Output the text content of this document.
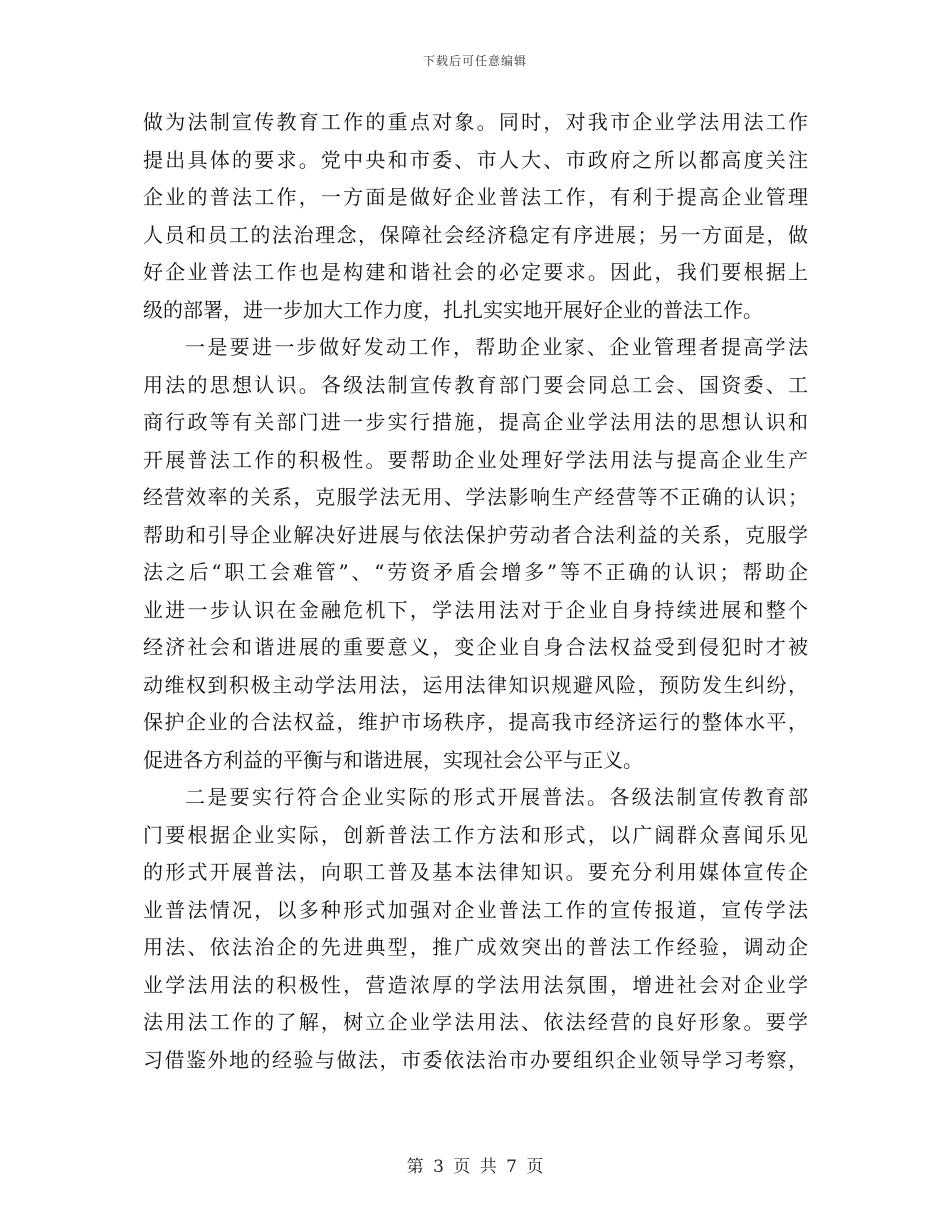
下载后可任意编辑
做为法制宣传教育工作的重点对象。同时，对我市企业学法用法工作
提出具体的要求。党中央和市委、市人大、市政府之所以都高度关注
企业的普法工作，一方面是做好企业普法工作，有利于提高企业管理
人员和员工的法治理念，保障社会经济稳定有序进展；另一方面是，做
好企业普法工作也是构建和谐社会的必定要求。因此，我们要根据上
级的部署，进一步加大工作力度，扎扎实实地开展好企业的普法工作。
一是要进一步做好发动工作，帮助企业家、企业管理者提高学法
用法的思想认识。各级法制宣传教育部门要会同总工会、国资委、工
商行政等有关部门进一步实行措施，提高企业学法用法的思想认识和
开展普法工作的积极性。要帮助企业处理好学法用法与提高企业生产
经营效率的关系，克服学法无用、学法影响生产经营等不正确的认识；
帮助和引导企业解决好进展与依法保护劳动者合法利益的关系，克服学
法之后“职工会难管”、“劳资矛盾会增多”等不正确的认识；帮助企
业进一步认识在金融危机下，学法用法对于企业自身持续进展和整个
经济社会和谐进展的重要意义，变企业自身合法权益受到侵犯时才被
动维权到积极主动学法用法，运用法律知识规避风险，预防发生纠纷，
保护企业的合法权益，维护市场秩序，提高我市经济运行的整体水平，
促进各方利益的平衡与和谐进展，实现社会公平与正义。
二是要实行符合企业实际的形式开展普法。各级法制宣传教育部
门要根据企业实际，创新普法工作方法和形式，以广阔群众喜闻乐见
的形式开展普法，向职工普及基本法律知识。要充分利用媒体宣传企
业普法情况，以多种形式加强对企业普法工作的宣传报道，宣传学法
用法、依法治企的先进典型，推广成效突出的普法工作经验，调动企
业学法用法的积极性，营造浓厚的学法用法氛围，增进社会对企业学
法用法工作的了解，树立企业学法用法、依法经营的良好形象。要学
习借鉴外地的经验与做法，市委依法治市办要组织企业领导学习考察，
第 3 页 共 7 页
